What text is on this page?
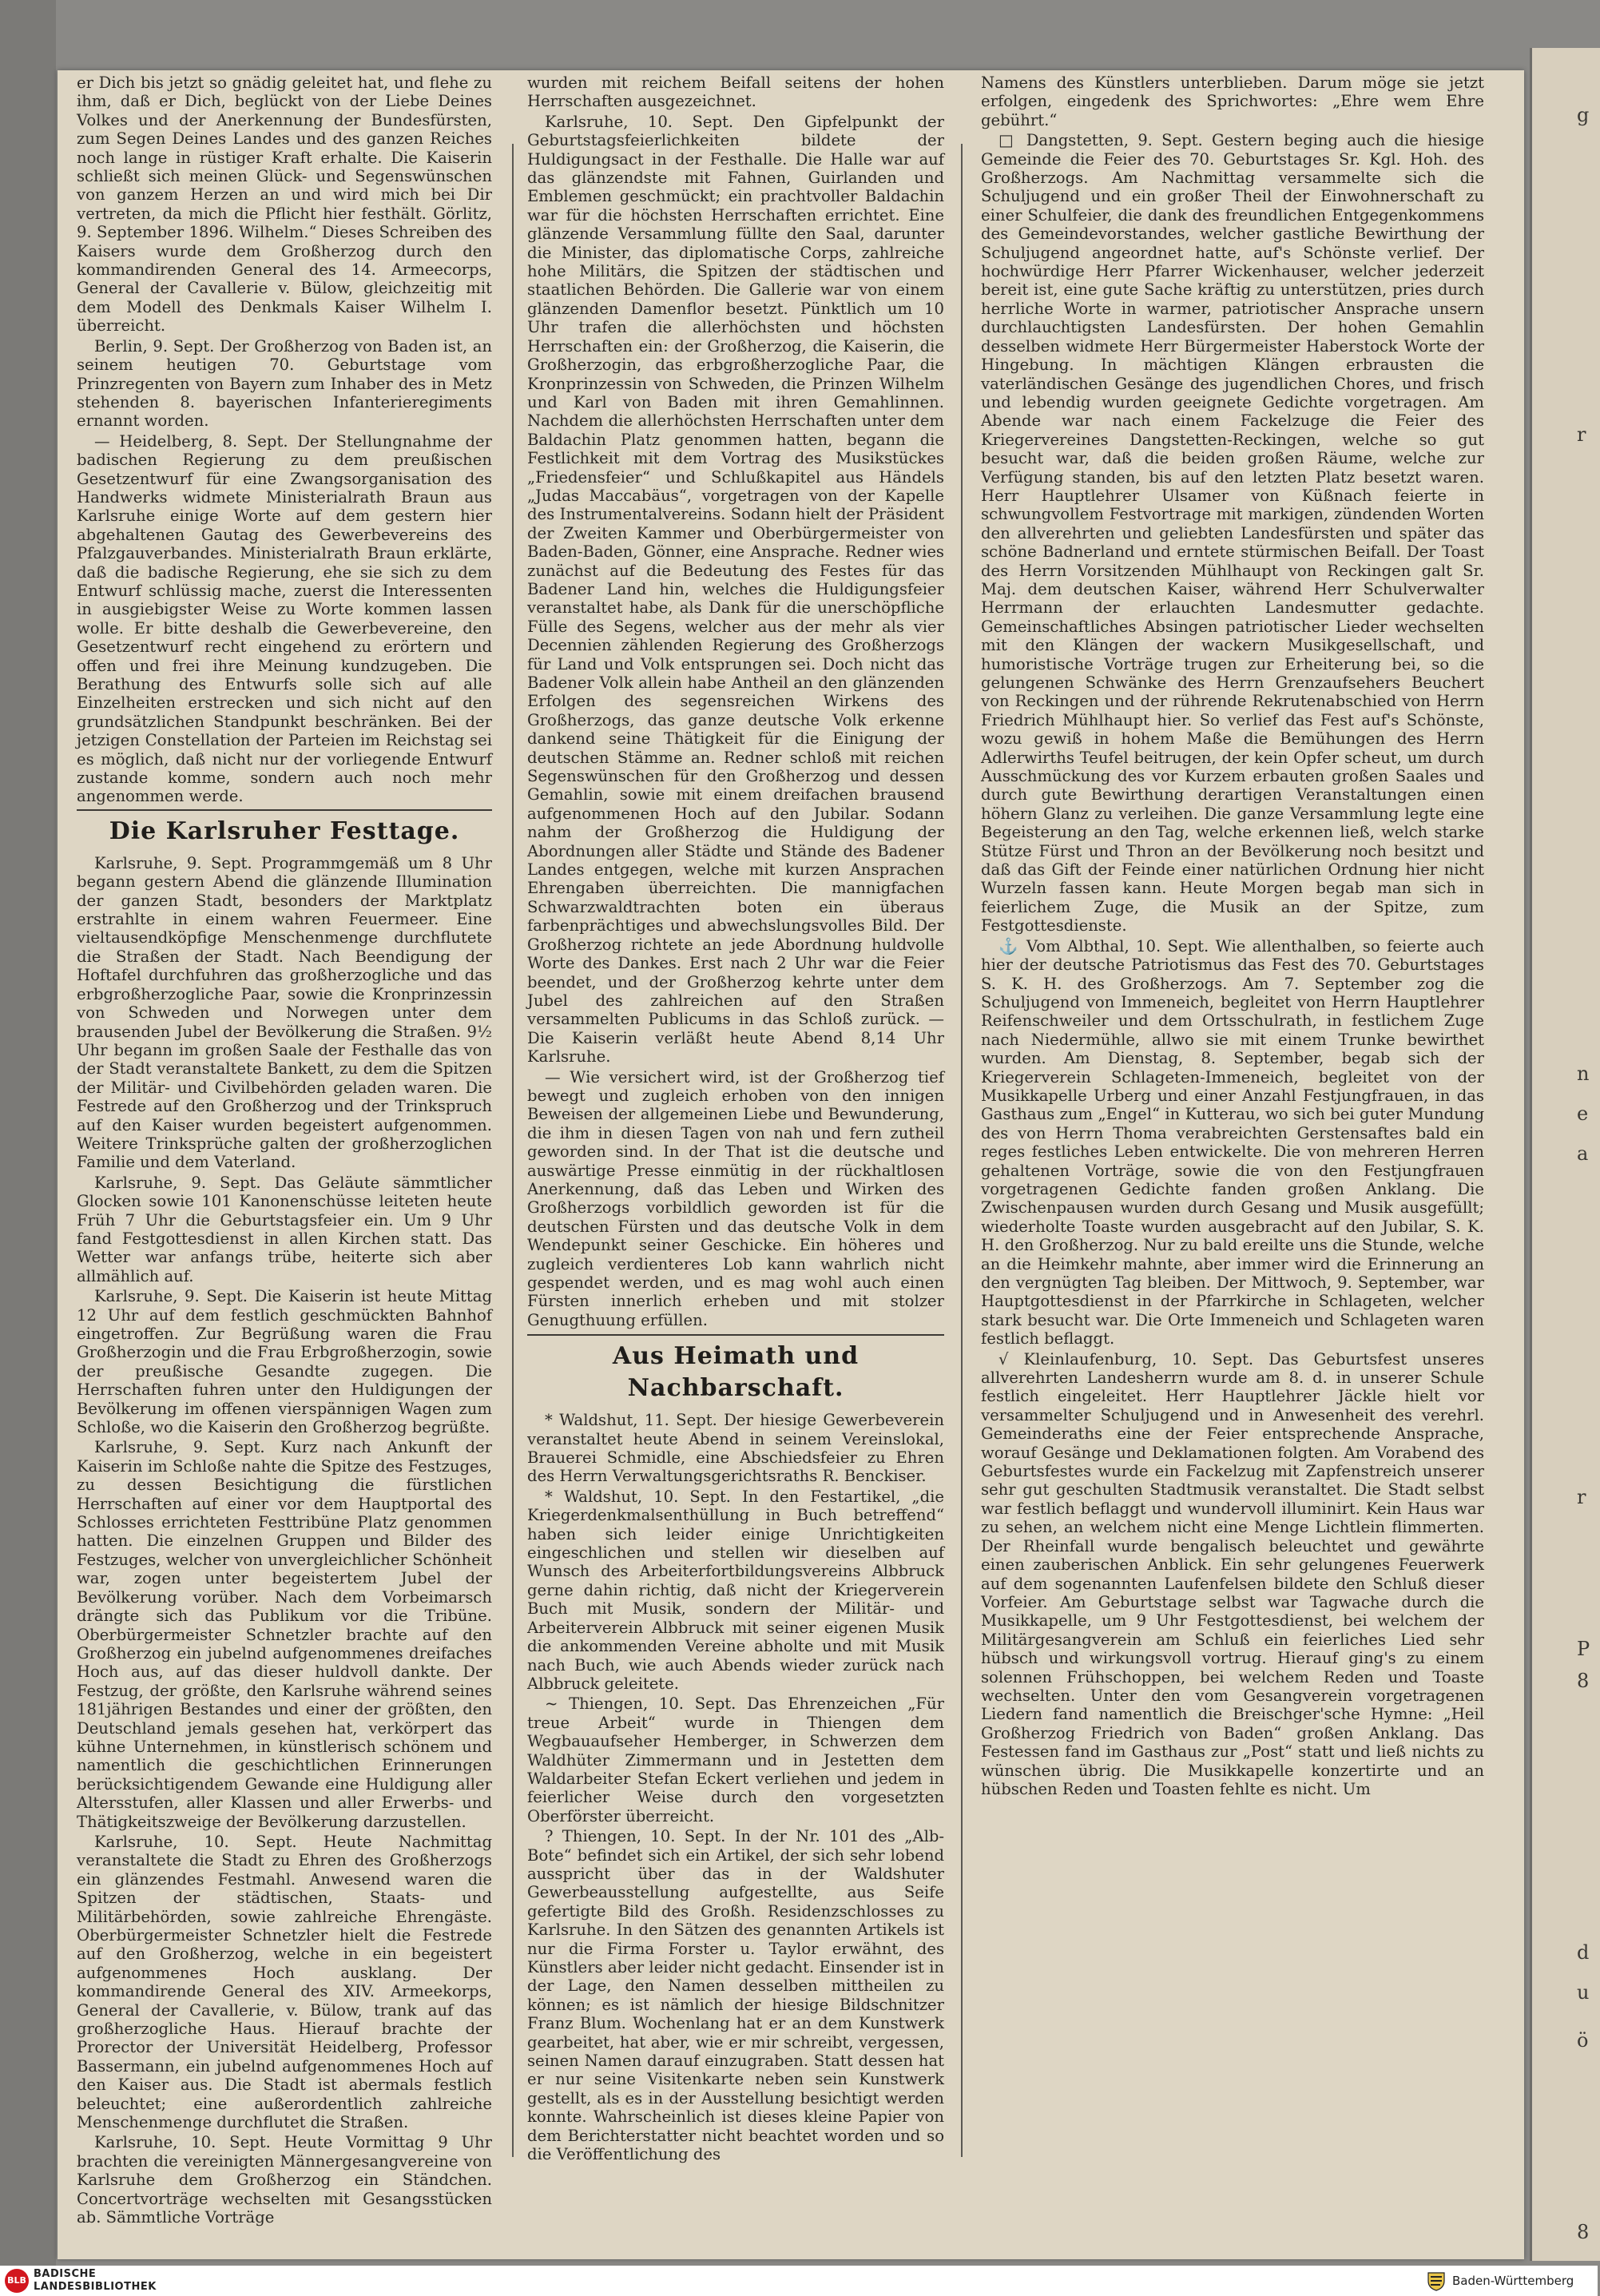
g
r
n
e
a
r
P
8
d
u
ö
8

er Dich bis jetzt so gnädig geleitet hat, und flehe zu ihm, daß er Dich, beglückt von der Liebe Deines Volkes und der Anerkennung der Bundesfürsten, zum Segen Deines Landes und des ganzen Reiches noch lange in rüstiger Kraft erhalte. Die Kaiserin schließt sich meinen Glück- und Segenswünschen von ganzem Herzen an und wird mich bei Dir vertreten, da mich die Pflicht hier festhält. Görlitz, 9. September 1896. Wilhelm.“ Dieses Schreiben des Kaisers wurde dem Großherzog durch den kommandirenden General des 14. Armeecorps, General der Cavallerie v. Bülow, gleichzeitig mit dem Modell des Denkmals Kaiser Wilhelm I. überreicht.

Berlin, 9. Sept. Der Großherzog von Baden ist, an seinem heutigen 70. Geburtstage vom Prinzregenten von Bayern zum Inhaber des in Metz stehenden 8. bayerischen Infanterieregiments ernannt worden.

— Heidelberg, 8. Sept. Der Stellungnahme der badischen Regierung zu dem preußischen Gesetzentwurf für eine Zwangsorganisation des Handwerks widmete Ministerialrath Braun aus Karlsruhe einige Worte auf dem gestern hier abgehaltenen Gautag des Gewerbevereins des Pfalzgauverbandes. Ministerialrath Braun erklärte, daß die badische Regierung, ehe sie sich zu dem Entwurf schlüssig mache, zuerst die Interessenten in ausgiebigster Weise zu Worte kommen lassen wolle. Er bitte deshalb die Gewerbevereine, den Gesetzentwurf recht eingehend zu erörtern und offen und frei ihre Meinung kundzugeben. Die Berathung des Entwurfs solle sich auf alle Einzelheiten erstrecken und sich nicht auf den grundsätzlichen Standpunkt beschränken. Bei der jetzigen Constellation der Parteien im Reichstag sei es möglich, daß nicht nur der vorliegende Entwurf zustande komme, sondern auch noch mehr angenommen werde.

Die Karlsruher Festtage.

Karlsruhe, 9. Sept. Programmgemäß um 8 Uhr begann gestern Abend die glänzende Illumination der ganzen Stadt, besonders der Marktplatz erstrahlte in einem wahren Feuermeer. Eine vieltausendköpfige Menschenmenge durchflutete die Straßen der Stadt. Nach Beendigung der Hoftafel durchfuhren das großherzogliche und das erbgroßherzogliche Paar, sowie die Kronprinzessin von Schweden und Norwegen unter dem brausenden Jubel der Bevölkerung die Straßen. 9½ Uhr begann im großen Saale der Festhalle das von der Stadt veranstaltete Bankett, zu dem die Spitzen der Militär- und Civilbehörden geladen waren. Die Festrede auf den Großherzog und der Trinkspruch auf den Kaiser wurden begeistert aufgenommen. Weitere Trinksprüche galten der großherzoglichen Familie und dem Vaterland.

Karlsruhe, 9. Sept. Das Geläute sämmtlicher Glocken sowie 101 Kanonenschüsse leiteten heute Früh 7 Uhr die Geburtstagsfeier ein. Um 9 Uhr fand Festgottesdienst in allen Kirchen statt. Das Wetter war anfangs trübe, heiterte sich aber allmählich auf.

Karlsruhe, 9. Sept. Die Kaiserin ist heute Mittag 12 Uhr auf dem festlich geschmückten Bahnhof eingetroffen. Zur Begrüßung waren die Frau Großherzogin und die Frau Erbgroßherzogin, sowie der preußische Gesandte zugegen. Die Herrschaften fuhren unter den Huldigungen der Bevölkerung im offenen vierspännigen Wagen zum Schloße, wo die Kaiserin den Großherzog begrüßte.

Karlsruhe, 9. Sept. Kurz nach Ankunft der Kaiserin im Schloße nahte die Spitze des Festzuges, zu dessen Besichtigung die fürstlichen Herrschaften auf einer vor dem Hauptportal des Schlosses errichteten Festtribüne Platz genommen hatten. Die einzelnen Gruppen und Bilder des Festzuges, welcher von unvergleichlicher Schönheit war, zogen unter begeistertem Jubel der Bevölkerung vorüber. Nach dem Vorbeimarsch drängte sich das Publikum vor die Tribüne. Oberbürgermeister Schnetzler brachte auf den Großherzog ein jubelnd aufgenommenes dreifaches Hoch aus, auf das dieser huldvoll dankte. Der Festzug, der größte, den Karlsruhe während seines 181jährigen Bestandes und einer der größten, den Deutschland jemals gesehen hat, verkörpert das kühne Unternehmen, in künstlerisch schönem und namentlich die geschichtlichen Erinnerungen berücksichtigendem Gewande eine Huldigung aller Altersstufen, aller Klassen und aller Erwerbs- und Thätigkeitszweige der Bevölkerung darzustellen.

Karlsruhe, 10. Sept. Heute Nachmittag veranstaltete die Stadt zu Ehren des Großherzogs ein glänzendes Festmahl. Anwesend waren die Spitzen der städtischen, Staats- und Militärbehörden, sowie zahlreiche Ehrengäste. Oberbürgermeister Schnetzler hielt die Festrede auf den Großherzog, welche in ein begeistert aufgenommenes Hoch ausklang. Der kommandirende General des XIV. Armeekorps, General der Cavallerie, v. Bülow, trank auf das großherzogliche Haus. Hierauf brachte der Prorector der Universität Heidelberg, Professor Bassermann, ein jubelnd aufgenommenes Hoch auf den Kaiser aus. Die Stadt ist abermals festlich beleuchtet; eine außerordentlich zahlreiche Menschenmenge durchflutet die Straßen.

Karlsruhe, 10. Sept. Heute Vormittag 9 Uhr brachten die vereinigten Männergesangvereine von Karlsruhe dem Großherzog ein Ständchen. Concertvorträge wechselten mit Gesangsstücken ab. Sämmtliche Vorträge

wurden mit reichem Beifall seitens der hohen Herrschaften ausgezeichnet.

Karlsruhe, 10. Sept. Den Gipfelpunkt der Geburtstagsfeierlichkeiten bildete der Huldigungsact in der Festhalle. Die Halle war auf das glänzendste mit Fahnen, Guirlanden und Emblemen geschmückt; ein prachtvoller Baldachin war für die höchsten Herrschaften errichtet. Eine glänzende Versammlung füllte den Saal, darunter die Minister, das diplomatische Corps, zahlreiche hohe Militärs, die Spitzen der städtischen und staatlichen Behörden. Die Gallerie war von einem glänzenden Damenflor besetzt. Pünktlich um 10 Uhr trafen die allerhöchsten und höchsten Herrschaften ein: der Großherzog, die Kaiserin, die Großherzogin, das erbgroßherzogliche Paar, die Kronprinzessin von Schweden, die Prinzen Wilhelm und Karl von Baden mit ihren Gemahlinnen. Nachdem die allerhöchsten Herrschaften unter dem Baldachin Platz genommen hatten, begann die Festlichkeit mit dem Vortrag des Musikstückes „Friedensfeier“ und Schlußkapitel aus Händels „Judas Maccabäus“, vorgetragen von der Kapelle des Instrumentalvereins. Sodann hielt der Präsident der Zweiten Kammer und Oberbürgermeister von Baden-Baden, Gönner, eine Ansprache. Redner wies zunächst auf die Bedeutung des Festes für das Badener Land hin, welches die Huldigungsfeier veranstaltet habe, als Dank für die unerschöpfliche Fülle des Segens, welcher aus der mehr als vier Decennien zählenden Regierung des Großherzogs für Land und Volk entsprungen sei. Doch nicht das Badener Volk allein habe Antheil an den glänzenden Erfolgen des segensreichen Wirkens des Großherzogs, das ganze deutsche Volk erkenne dankend seine Thätigkeit für die Einigung der deutschen Stämme an. Redner schloß mit reichen Segenswünschen für den Großherzog und dessen Gemahlin, sowie mit einem dreifachen brausend aufgenommenen Hoch auf den Jubilar. Sodann nahm der Großherzog die Huldigung der Abordnungen aller Städte und Stände des Badener Landes entgegen, welche mit kurzen Ansprachen Ehrengaben überreichten. Die mannigfachen Schwarzwaldtrachten boten ein überaus farbenprächtiges und abwechslungsvolles Bild. Der Großherzog richtete an jede Abordnung huldvolle Worte des Dankes. Erst nach 2 Uhr war die Feier beendet, und der Großherzog kehrte unter dem Jubel des zahlreichen auf den Straßen versammelten Publicums in das Schloß zurück. — Die Kaiserin verläßt heute Abend 8,14 Uhr Karlsruhe.

— Wie versichert wird, ist der Großherzog tief bewegt und zugleich erhoben von den innigen Beweisen der allgemeinen Liebe und Bewunderung, die ihm in diesen Tagen von nah und fern zutheil geworden sind. In der That ist die deutsche und auswärtige Presse einmütig in der rückhaltlosen Anerkennung, daß das Leben und Wirken des Großherzogs vorbildlich geworden ist für die deutschen Fürsten und das deutsche Volk in dem Wendepunkt seiner Geschicke. Ein höheres und zugleich verdienteres Lob kann wahrlich nicht gespendet werden, und es mag wohl auch einen Fürsten innerlich erheben und mit stolzer Genugthuung erfüllen.

Aus Heimath und Nachbarschaft.

* Waldshut, 11. Sept. Der hiesige Gewerbeverein veranstaltet heute Abend in seinem Vereinslokal, Brauerei Schmidle, eine Abschiedsfeier zu Ehren des Herrn Verwaltungsgerichtsraths R. Benckiser.

* Waldshut, 10. Sept. In den Festartikel, „die Kriegerdenkmalsenthüllung in Buch betreffend“ haben sich leider einige Unrichtigkeiten eingeschlichen und stellen wir dieselben auf Wunsch des Arbeiterfortbildungsvereins Albbruck gerne dahin richtig, daß nicht der Kriegerverein Buch mit Musik, sondern der Militär- und Arbeiterverein Albbruck mit seiner eigenen Musik die ankommenden Vereine abholte und mit Musik nach Buch, wie auch Abends wieder zurück nach Albbruck geleitete.

~ Thiengen, 10. Sept. Das Ehrenzeichen „Für treue Arbeit“ wurde in Thiengen dem Wegbauaufseher Hemberger, in Schwerzen dem Waldhüter Zimmermann und in Jestetten dem Waldarbeiter Stefan Eckert verliehen und jedem in feierlicher Weise durch den vorgesetzten Oberförster überreicht.

? Thiengen, 10. Sept. In der Nr. 101 des „Alb-Bote“ befindet sich ein Artikel, der sich sehr lobend ausspricht über das in der Waldshuter Gewerbeausstellung aufgestellte, aus Seife gefertigte Bild des Großh. Residenzschlosses zu Karlsruhe. In den Sätzen des genannten Artikels ist nur die Firma Forster u. Taylor erwähnt, des Künstlers aber leider nicht gedacht. Einsender ist in der Lage, den Namen desselben mittheilen zu können; es ist nämlich der hiesige Bildschnitzer Franz Blum. Wochenlang hat er an dem Kunstwerk gearbeitet, hat aber, wie er mir schreibt, vergessen, seinen Namen darauf einzugraben. Statt dessen hat er nur seine Visitenkarte neben sein Kunstwerk gestellt, als es in der Ausstellung besichtigt werden konnte. Wahrscheinlich ist dieses kleine Papier von dem Berichterstatter nicht beachtet worden und so die Veröffentlichung des

Namens des Künstlers unterblieben. Darum möge sie jetzt erfolgen, eingedenk des Sprichwortes: „Ehre wem Ehre gebührt.“

□ Dangstetten, 9. Sept. Gestern beging auch die hiesige Gemeinde die Feier des 70. Geburtstages Sr. Kgl. Hoh. des Großherzogs. Am Nachmittag versammelte sich die Schuljugend und ein großer Theil der Einwohnerschaft zu einer Schulfeier, die dank des freundlichen Entgegenkommens des Gemeindevorstandes, welcher gastliche Bewirthung der Schuljugend angeordnet hatte, auf's Schönste verlief. Der hochwürdige Herr Pfarrer Wickenhauser, welcher jederzeit bereit ist, eine gute Sache kräftig zu unterstützen, pries durch herrliche Worte in warmer, patriotischer Ansprache unsern durchlauchtigsten Landesfürsten. Der hohen Gemahlin desselben widmete Herr Bürgermeister Haberstock Worte der Hingebung. In mächtigen Klängen erbrausten die vaterländischen Gesänge des jugendlichen Chores, und frisch und lebendig wurden geeignete Gedichte vorgetragen. Am Abende war nach einem Fackelzuge die Feier des Kriegervereines Dangstetten-Reckingen, welche so gut besucht war, daß die beiden großen Räume, welche zur Verfügung standen, bis auf den letzten Platz besetzt waren. Herr Hauptlehrer Ulsamer von Küßnach feierte in schwungvollem Festvortrage mit markigen, zündenden Worten den allverehrten und geliebten Landesfürsten und später das schöne Badnerland und erntete stürmischen Beifall. Der Toast des Herrn Vorsitzenden Mühlhaupt von Reckingen galt Sr. Maj. dem deutschen Kaiser, während Herr Schulverwalter Herrmann der erlauchten Landesmutter gedachte. Gemeinschaftliches Absingen patriotischer Lieder wechselten mit den Klängen der wackern Musikgesellschaft, und humoristische Vorträge trugen zur Erheiterung bei, so die gelungenen Schwänke des Herrn Grenzaufsehers Beuchert von Reckingen und der rührende Rekrutenabschied von Herrn Friedrich Mühlhaupt hier. So verlief das Fest auf's Schönste, wozu gewiß in hohem Maße die Bemühungen des Herrn Adlerwirths Teufel beitrugen, der kein Opfer scheut, um durch Ausschmückung des vor Kurzem erbauten großen Saales und durch gute Bewirthung derartigen Veranstaltungen einen höhern Glanz zu verleihen. Die ganze Versammlung legte eine Begeisterung an den Tag, welche erkennen ließ, welch starke Stütze Fürst und Thron an der Bevölkerung noch besitzt und daß das Gift der Feinde einer natürlichen Ordnung hier nicht Wurzeln fassen kann. Heute Morgen begab man sich in feierlichem Zuge, die Musik an der Spitze, zum Festgottesdienste.

⚓ Vom Albthal, 10. Sept. Wie allenthalben, so feierte auch hier der deutsche Patriotismus das Fest des 70. Geburtstages S. K. H. des Großherzogs. Am 7. September zog die Schuljugend von Immeneich, begleitet von Herrn Hauptlehrer Reifenschweiler und dem Ortsschulrath, in festlichem Zuge nach Niedermühle, allwo sie mit einem Trunke bewirthet wurden. Am Dienstag, 8. September, begab sich der Kriegerverein Schlageten-Immeneich, begleitet von der Musikkapelle Urberg und einer Anzahl Festjungfrauen, in das Gasthaus zum „Engel“ in Kutterau, wo sich bei guter Mundung des von Herrn Thoma verabreichten Gerstensaftes bald ein reges festliches Leben entwickelte. Die von mehreren Herren gehaltenen Vorträge, sowie die von den Festjungfrauen vorgetragenen Gedichte fanden großen Anklang. Die Zwischenpausen wurden durch Gesang und Musik ausgefüllt; wiederholte Toaste wurden ausgebracht auf den Jubilar, S. K. H. den Großherzog. Nur zu bald ereilte uns die Stunde, welche an die Heimkehr mahnte, aber immer wird die Erinnerung an den vergnügten Tag bleiben. Der Mittwoch, 9. September, war Hauptgottesdienst in der Pfarrkirche in Schlageten, welcher stark besucht war. Die Orte Immeneich und Schlageten waren festlich beflaggt.

√ Kleinlaufenburg, 10. Sept. Das Geburtsfest unseres allverehrten Landesherrn wurde am 8. d. in unserer Schule festlich eingeleitet. Herr Hauptlehrer Jäckle hielt vor versammelter Schuljugend und in Anwesenheit des verehrl. Gemeinderaths eine der Feier entsprechende Ansprache, worauf Gesänge und Deklamationen folgten. Am Vorabend des Geburtsfestes wurde ein Fackelzug mit Zapfenstreich unserer sehr gut geschulten Stadtmusik veranstaltet. Die Stadt selbst war festlich beflaggt und wundervoll illuminirt. Kein Haus war zu sehen, an welchem nicht eine Menge Lichtlein flimmerten. Der Rheinfall wurde bengalisch beleuchtet und gewährte einen zauberischen Anblick. Ein sehr gelungenes Feuerwerk auf dem sogenannten Laufenfelsen bildete den Schluß dieser Vorfeier. Am Geburtstage selbst war Tagwache durch die Musikkapelle, um 9 Uhr Festgottesdienst, bei welchem der Militärgesangverein am Schluß ein feierliches Lied sehr hübsch und wirkungsvoll vortrug. Hierauf ging's zu einem solennen Frühschoppen, bei welchem Reden und Toaste wechselten. Unter den vom Gesangverein vorgetragenen Liedern fand namentlich die Breischger'sche Hymne: „Heil Großherzog Friedrich von Baden“ großen Anklang. Das Festessen fand im Gasthaus zur „Post“ statt und ließ nichts zu wünschen übrig. Die Musikkapelle konzertirte und an hübschen Reden und Toasten fehlte es nicht. Um

BLB
BADISCHE
LANDESBIBLIOTHEK	Baden-Württemberg
